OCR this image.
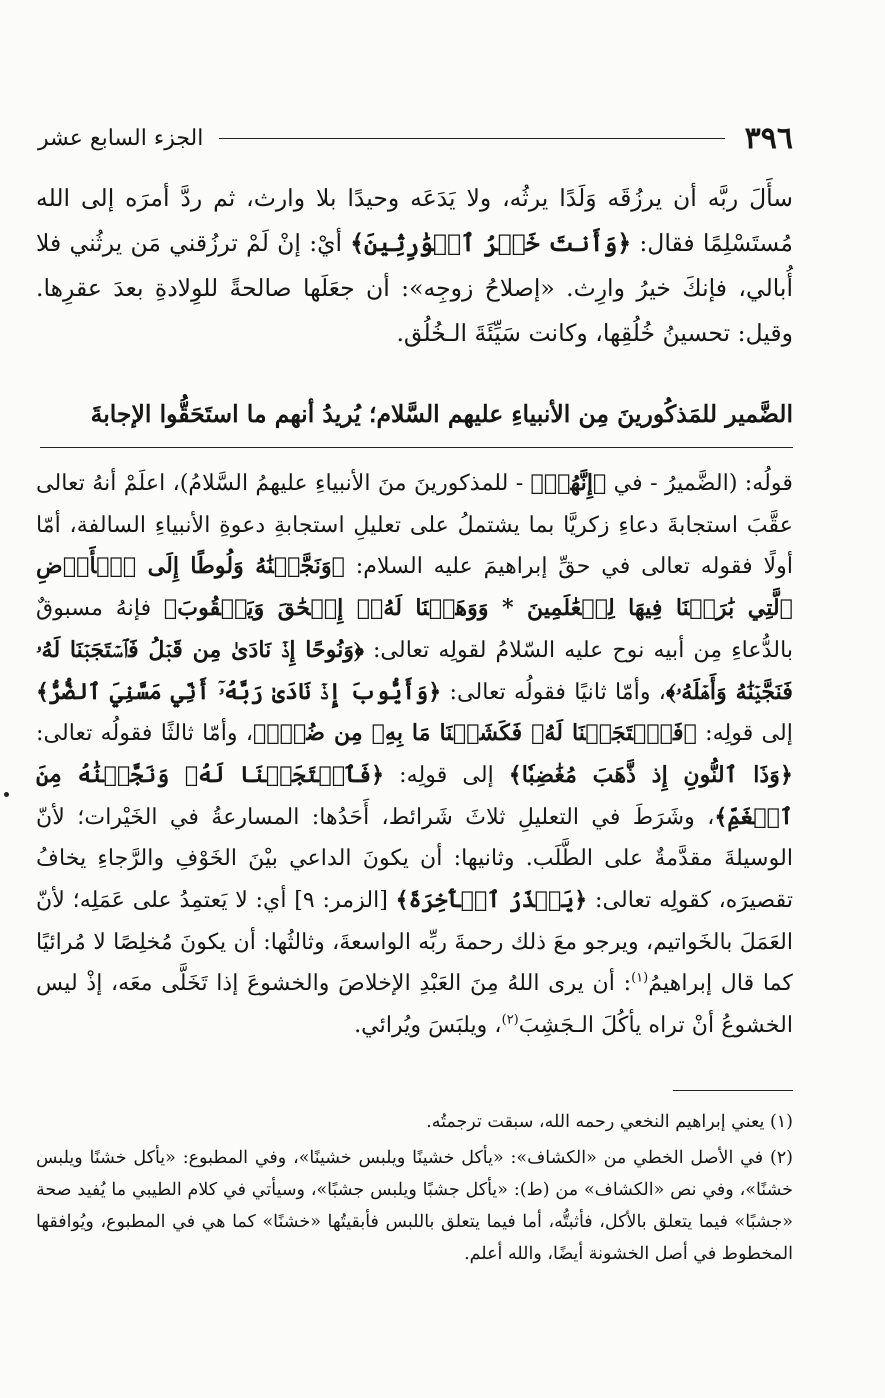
٣٩٦
الجزء السابع عشر
سأَلَ ربَّه أن يرزُقَه وَلَدًا يرثُه، ولا يَدَعَه وحيدًا بلا وارث، ثم ردَّ أمرَه إلى الله مُستَسْلِمًا فقال: ﴿وَأَنتَ خَيۡرُ ٱلۡوَٰرِثِينَ﴾ أيْ: إنْ لَمْ ترزُقني مَن يرثُني فلا أُبالي، فإنكَ خيرُ وارِث. «إصلاحُ زوجِه»: أن جعَلَها صالحةً للوِلادةِ بعدَ عقرِها. وقيل: تحسينُ خُلُقِها، وكانت سَيِّئَةَ الـخُلُق.
الضَّمير للمَذكُورينَ مِن الأنبياءِ عليهم السَّلام؛ يُريدُ أنهم ما استَحَقُّوا الإجابةَ
قولُه: (الضَّميرُ - في ﴿إِنَّهُمۡ﴾ - للمذكورينَ منَ الأنبياءِ عليهمُ السَّلامُ)، اعلَمْ أنهُ تعالى عقَّبَ استجابةَ دعاءِ زكريَّا بما يشتملُ على تعليلِ استجابةِ دعوةِ الأنبياءِ السالفة، أمّا أولًا فقوله تعالى في حقِّ إبراهيمَ عليه السلام: ﴿وَنَجَّيۡنَٰهُ وَلُوطًا إِلَى ٱلۡأَرۡضِ ٱلَّتِي بَٰرَكۡنَا فِيهَا لِلۡعَٰلَمِينَ * وَوَهَبۡنَا لَهُۥٓ إِسۡحَٰقَ وَيَعۡقُوبَ﴾ فإنهُ مسبوقٌ بالدُّعاءِ مِن أبيه نوح عليه السّلامُ لقولِه تعالى: ﴿وَنُوحًا إِذۡ نَادَىٰ مِن قَبۡلُ فَٱسۡتَجَبۡنَا لَهُۥ فَنَجَّيۡنَٰهُ وَأَهۡلَهُۥ﴾، وأمّا ثانيًا فقولُه تعالى: ﴿وَأَيُّوبَ إِذۡ نَادَىٰ رَبَّهُۥٓ أَنِّي مَسَّنِيَ ٱلضُّرُّ﴾ إلى قولِه: ﴿فَٱسۡتَجَبۡنَا لَهُۥ فَكَشَفۡنَا مَا بِهِۦ مِن ضُرّٖ﴾، وأمّا ثالثًا فقولُه تعالى: ﴿وَذَا ٱلنُّونِ إِذ ذَّهَبَ مُغَٰضِبٗا﴾ إلى قولِه: ﴿فَٱسۡتَجَبۡنَا لَهُۥ وَنَجَّيۡنَٰهُ مِنَ ٱلۡغَمِّ﴾، وشَرَطَ في التعليلِ ثلاثَ شَرائط، أَحَدُها: المسارعةُ في الخَيْرات؛ لأنّ الوسيلةَ مقدَّمةٌ على الطَّلَب. وثانيها: أن يكونَ الداعي بيْنَ الخَوْفِ والرَّجاءِ يخافُ تقصيرَه، كقولِه تعالى: ﴿يَحۡذَرُ ٱلۡأٓخِرَةَ﴾ [الزمر: ٩] أي: لا يَعتمِدُ على عَمَلِه؛ لأنّ العَمَلَ بالخَواتيم، ويرجو معَ ذلك رحمةَ ربِّه الواسعةَ، وثالثُها: أن يكونَ مُخلِصًا لا مُرائيًا كما قال إبراهيمُ$^{(١)}$: أن يرى اللهُ مِنَ العَبْدِ الإخلاصَ والخشوعَ إذا تَخَلَّى معَه، إذْ ليس الخشوعُ أنْ تراه يأكُلَ الـجَشِبَ$^{(٢)}$، ويلبَسَ ويُرائي.

(١) يعني إبراهيم النخعي رحمه الله، سبقت ترجمتُه.

(٢) في الأصل الخطي من «الكشاف»: «يأكل خشينًا ويلبس خشينًا»، وفي المطبوع: «يأكل خشنًا ويلبس خشنًا»، وفي نص «الكشاف» من (ط): «يأكل جشبًا ويلبس جشبًا»، وسيأتي في كلام الطيبي ما يُفيد صحة «جشبًا» فيما يتعلق بالأكل، فأثبتُّه، أما فيما يتعلق باللبس فأبقيتُها «خشنًا» كما هي في المطبوع، ويُوافقها المخطوط في أصل الخشونة أيضًا، والله أعلم.
